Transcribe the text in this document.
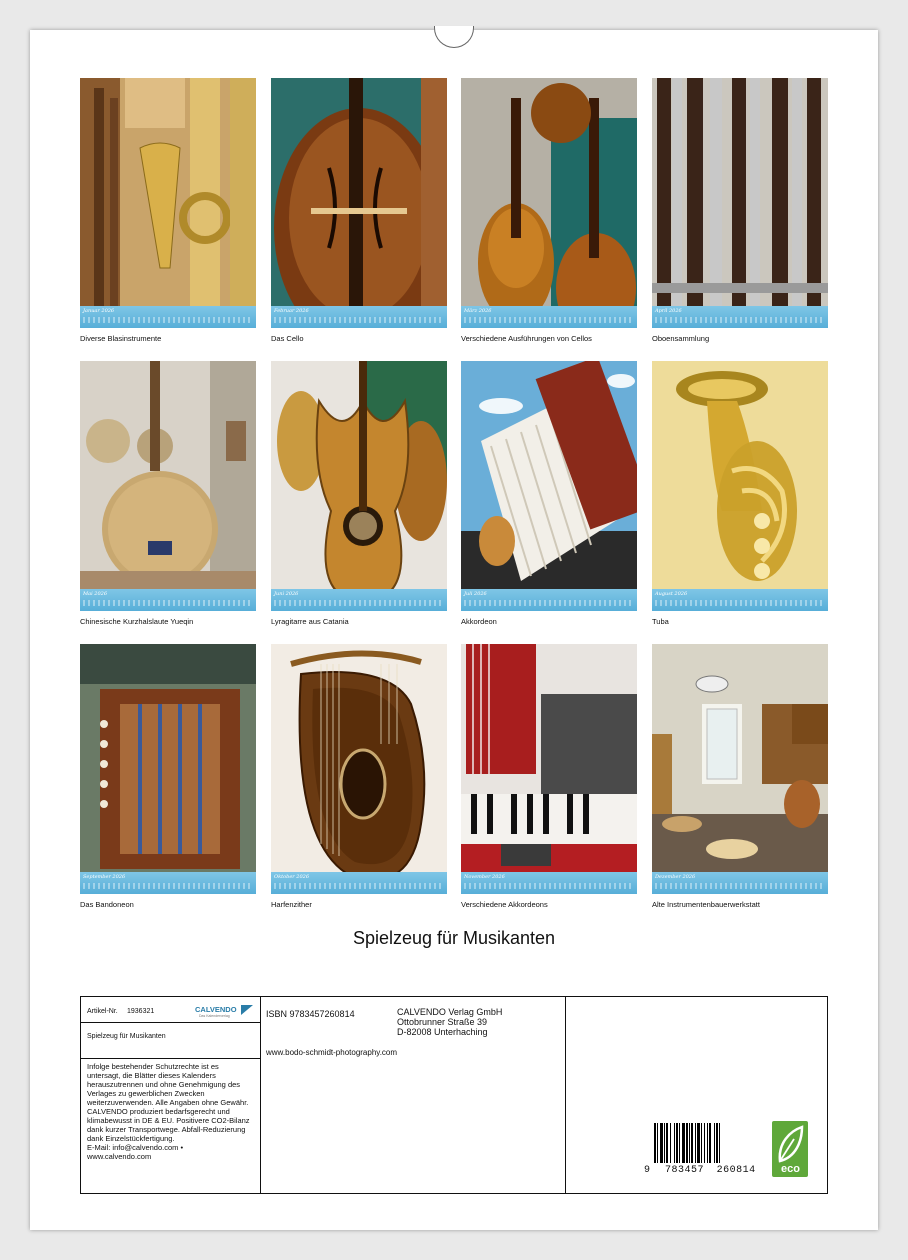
Januar 2026
Diverse Blasinstrumente
Februar 2026
Das Cello
März 2026
Verschiedene Ausführungen von Cellos
April 2026
Oboensammlung
Mai 2026
Chinesische Kurzhalslaute Yueqin
Juni 2026
Lyragitarre aus Catania
Juli 2026
Akkordeon
August 2026
Tuba
September 2026
Das Bandoneon
Oktober 2026
Harfenzither
November 2026
Verschiedene Akkordeons
Dezember 2026
Alte Instrumentenbauerwerkstatt
Spielzeug für Musikanten
Artikel-Nr. 1936321	CALVENDO
Das Kalenderverlag
Spielzeug für Musikanten
Infolge bestehender Schutzrechte ist es untersagt, die Blätter dieses Kalenders herauszutrennen und ohne Genehmigung des Verlages zu gewerblichen Zwecken weiterzuverwenden. Alle Angaben ohne Gewähr.
CALVENDO produziert bedarfsgerecht und klimabewusst in DE & EU. Positivere CO2-Bilanz dank kurzer Transportwege. Abfall-Reduzierung dank Einzelstückfertigung.
E-Mail: info@calvendo.com •
www.calvendo.com
ISBN 9783457260814	CALVENDO Verlag GmbH
Ottobrunner Straße 39
D-82008 Unterhaching
www.bodo-schmidt-photography.com
9 783457 260814 eco
